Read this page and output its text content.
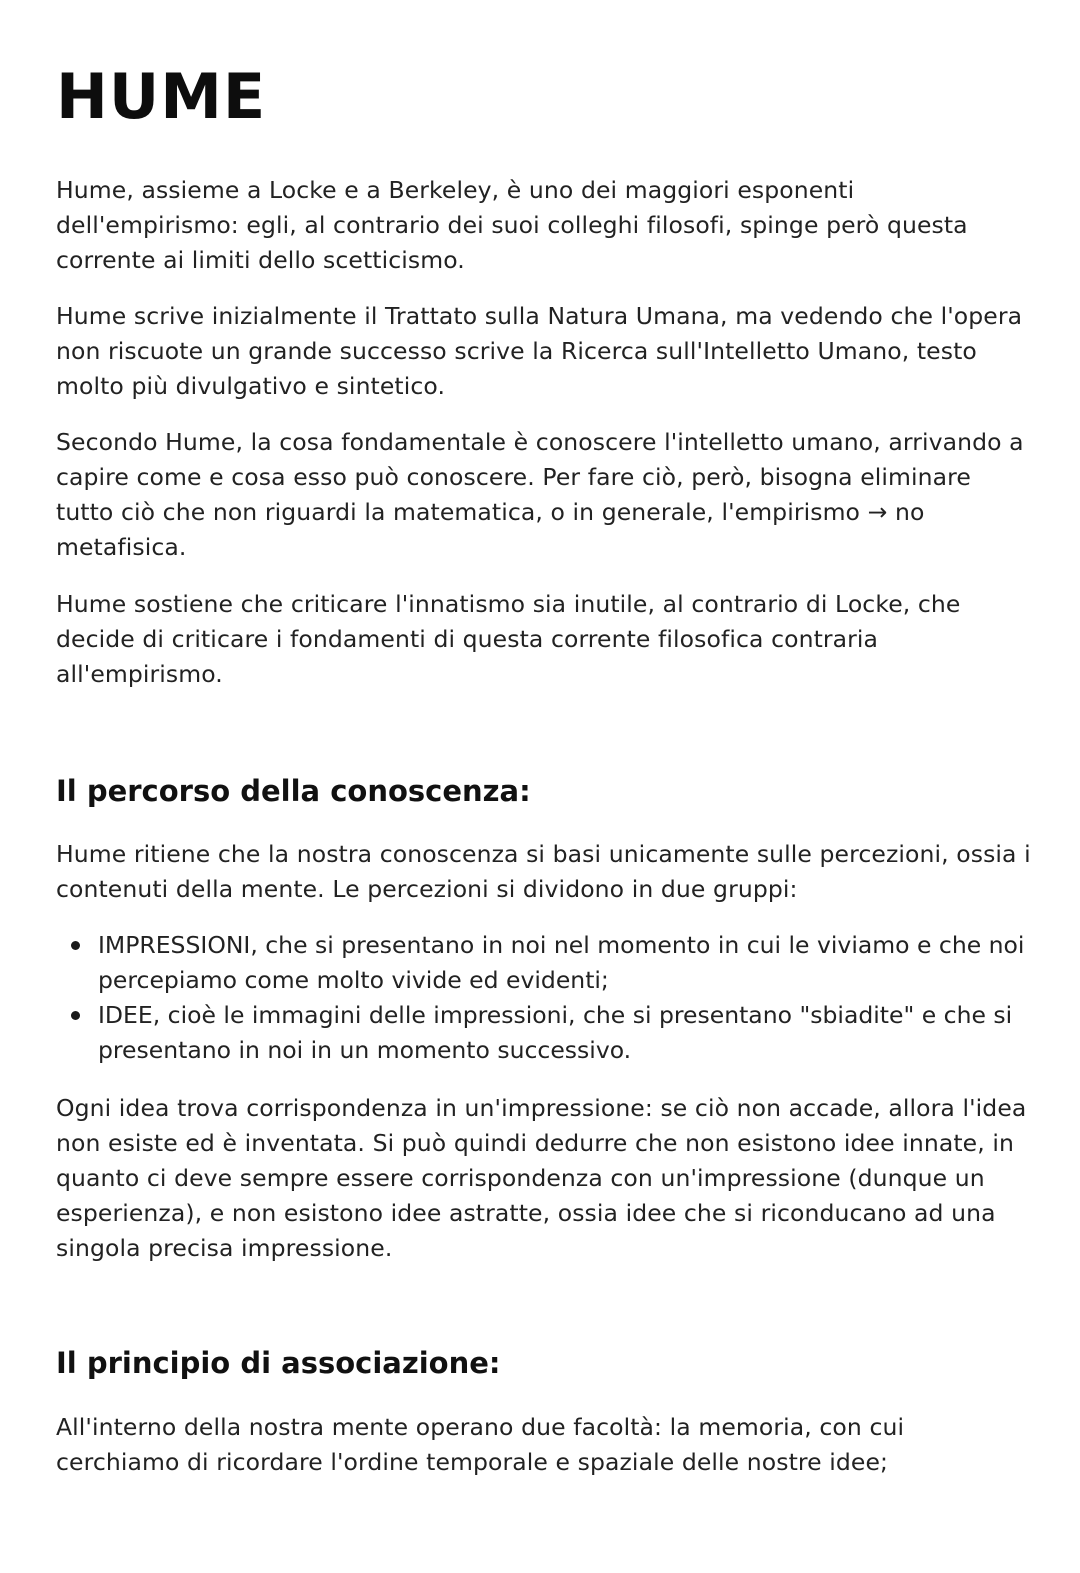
HUME

Hume, assieme a Locke e a Berkeley, è uno dei maggiori esponenti dell'empirismo: egli, al contrario dei suoi colleghi filosofi, spinge però questa corrente ai limiti dello scetticismo.

Hume scrive inizialmente il Trattato sulla Natura Umana, ma vedendo che l'opera non riscuote un grande successo scrive la Ricerca sull'Intelletto Umano, testo molto più divulgativo e sintetico.

Secondo Hume, la cosa fondamentale è conoscere l'intelletto umano, arrivando a capire come e cosa esso può conoscere. Per fare ciò, però, bisogna eliminare tutto ciò che non riguardi la matematica, o in generale, l'empirismo → no metafisica.

Hume sostiene che criticare l'innatismo sia inutile, al contrario di Locke, che decide di criticare i fondamenti di questa corrente filosofica contraria all'empirismo.

Il percorso della conoscenza:

Hume ritiene che la nostra conoscenza si basi unicamente sulle percezioni, ossia i contenuti della mente. Le percezioni si dividono in due gruppi:

IMPRESSIONI, che si presentano in noi nel momento in cui le viviamo e che noi percepiamo come molto vivide ed evidenti;
IDEE, cioè le immagini delle impressioni, che si presentano "sbiadite" e che si presentano in noi in un momento successivo.

Ogni idea trova corrispondenza in un'impressione: se ciò non accade, allora l'idea non esiste ed è inventata. Si può quindi dedurre che non esistono idee innate, in quanto ci deve sempre essere corrispondenza con un'impressione (dunque un esperienza), e non esistono idee astratte, ossia idee che si riconducano ad una singola precisa impressione.

Il principio di associazione:

All'interno della nostra mente operano due facoltà: la memoria, con cui cerchiamo di ricordare l'ordine temporale e spaziale delle nostre idee;
